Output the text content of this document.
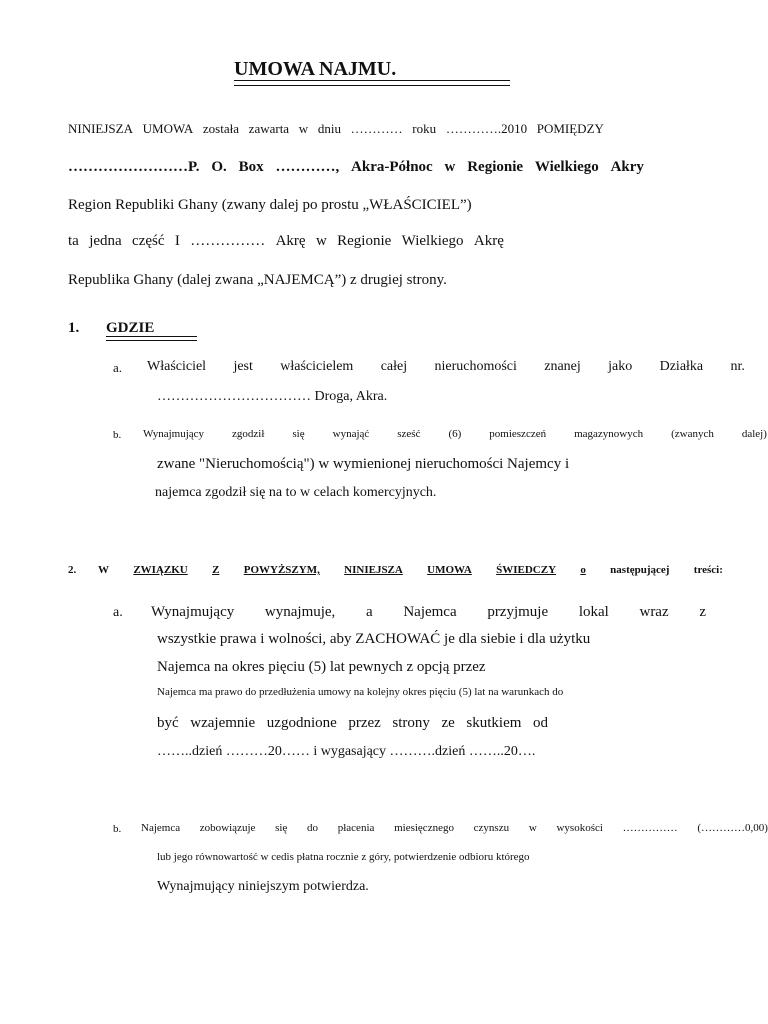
UMOWA NAJMU.
NINIEJSZA UMOWA została zawarta w dniu ………… roku ………….2010 POMIĘDZY
……………………P. O. Box …………, Akra-Północ w Regionie Wielkiego Akry
Region Republiki Ghany (zwany dalej po prostu „WŁAŚCICIEL”)
ta jedna część I …………… Akrę w Regionie Wielkiego Akrę
Republika Ghany (dalej zwana „NAJEMCĄ”) z drugiej strony.
1. GDZIE
a. Właściciel jest właścicielem całej nieruchomości znanej jako Działka nr.
…………………………… Droga, Akra.
b. Wynajmujący	zgodził	się	wynająć	sześć	(6)	pomieszczeń	magazynowych	(zwanych	dalej)
zwane "Nieruchomością") w wymienionej nieruchomości Najemcy i
najemca zgodził się na to w celach komercyjnych.
2. W ZWIĄZKU Z POWYŻSZYM, NINIEJSZA UMOWA ŚWIEDCZY o następującej treści:
a. Wynajmujący wynajmuje, a Najemca przyjmuje lokal wraz z
wszystkie prawa i wolności, aby ZACHOWAĆ je dla siebie i dla użytku
Najemca na okres pięciu (5) lat pewnych z opcją przez
Najemca ma prawo do przedłużenia umowy na kolejny okres pięciu (5) lat na warunkach do
być wzajemnie uzgodnione przez strony ze skutkiem od
……..dzień ………20…… i wygasający ……….dzień ……..20….
b. Najemca zobowiązuje się do płacenia miesięcznego czynszu w wysokości …………… (…………0,00)
lub jego równowartość w cedis płatna rocznie z góry, potwierdzenie odbioru którego
Wynajmujący niniejszym potwierdza.
